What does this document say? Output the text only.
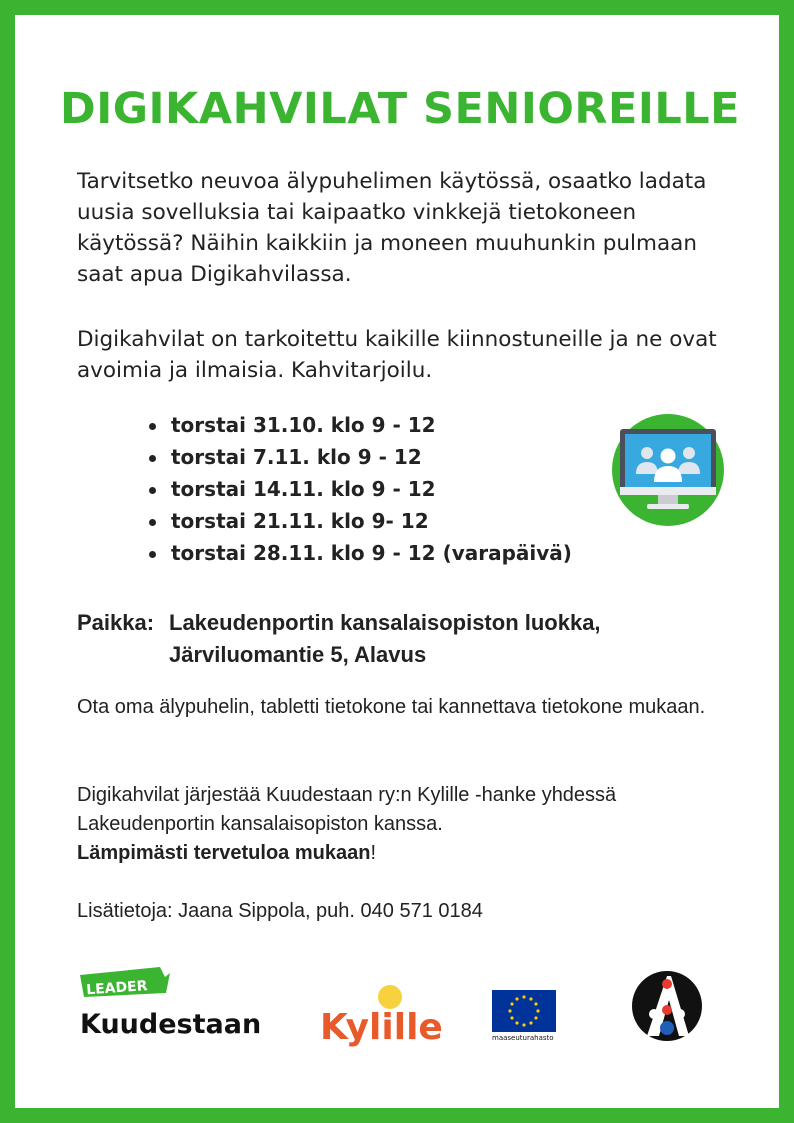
DIGIKAHVILAT SENIOREILLE

Tarvitsetko neuvoa älypuhelimen käytössä, osaatko ladata uusia sovelluksia tai kaipaatko vinkkejä tietokoneen käytössä? Näihin kaikkiin ja moneen muuhunkin pulmaan saat apua Digikahvilassa.

Digikahvilat on tarkoitettu kaikille kiinnostuneille ja ne ovat avoimia ja ilmaisia. Kahvitarjoilu.

torstai 31.10. klo 9 - 12
torstai 7.11. klo 9 - 12
torstai 14.11. klo 9 - 12
torstai 21.11. klo 9- 12
torstai 28.11. klo 9 - 12 (varapäivä)
Paikka: Lakeudenportin kansalaisopiston luokka,
Järviluomantie 5, Alavus

Ota oma älypuhelin, tabletti tietokone tai kannettava tietokone mukaan.

Digikahvilat järjestää Kuudestaan ry:n Kylille -hanke yhdessä Lakeudenportin kansalaisopiston kanssa.
Lämpimästi tervetuloa mukaan!

Lisätietoja: Jaana Sippola, puh. 040 571 0184

LEADER
Kuudestaan Kylille	maaseuturahasto
